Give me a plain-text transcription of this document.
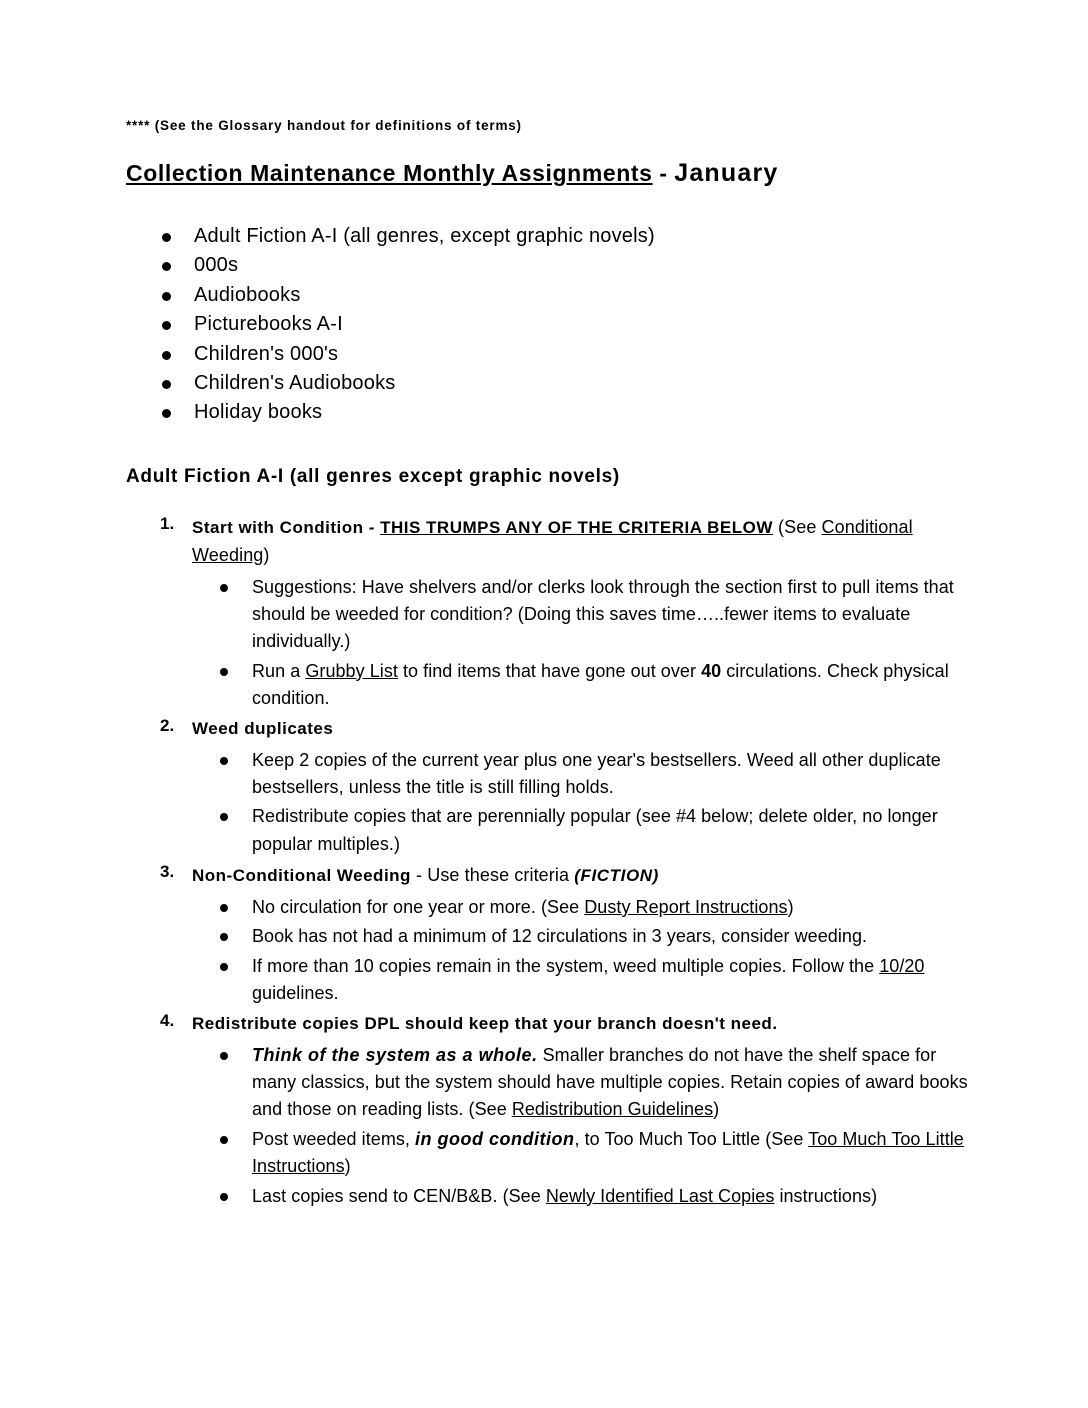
**** (See the Glossary handout for definitions of terms)
Collection Maintenance Monthly Assignments - January
Adult Fiction A-I (all genres, except graphic novels)
000s
Audiobooks
Picturebooks A-I
Children's 000's
Children's Audiobooks
Holiday books
Adult Fiction A-I (all genres except graphic novels)
Start with Condition - THIS TRUMPS ANY OF THE CRITERIA BELOW (See Conditional Weeding)
Suggestions: Have shelvers and/or clerks look through the section first to pull items that should be weeded for condition? (Doing this saves time…..fewer items to evaluate individually.)
Run a Grubby List to find items that have gone out over 40 circulations. Check physical condition.
Weed duplicates
Keep 2 copies of the current year plus one year's bestsellers. Weed all other duplicate bestsellers, unless the title is still filling holds.
Redistribute copies that are perennially popular (see #4 below; delete older, no longer popular multiples.)
Non-Conditional Weeding - Use these criteria (FICTION)
No circulation for one year or more. (See Dusty Report Instructions)
Book has not had a minimum of 12 circulations in 3 years, consider weeding.
If more than 10 copies remain in the system, weed multiple copies. Follow the 10/20 guidelines.
Redistribute copies DPL should keep that your branch doesn't need.
Think of the system as a whole. Smaller branches do not have the shelf space for many classics, but the system should have multiple copies. Retain copies of award books and those on reading lists. (See Redistribution Guidelines)
Post weeded items, in good condition, to Too Much Too Little (See Too Much Too Little Instructions)
Last copies send to CEN/B&B. (See Newly Identified Last Copies instructions)
